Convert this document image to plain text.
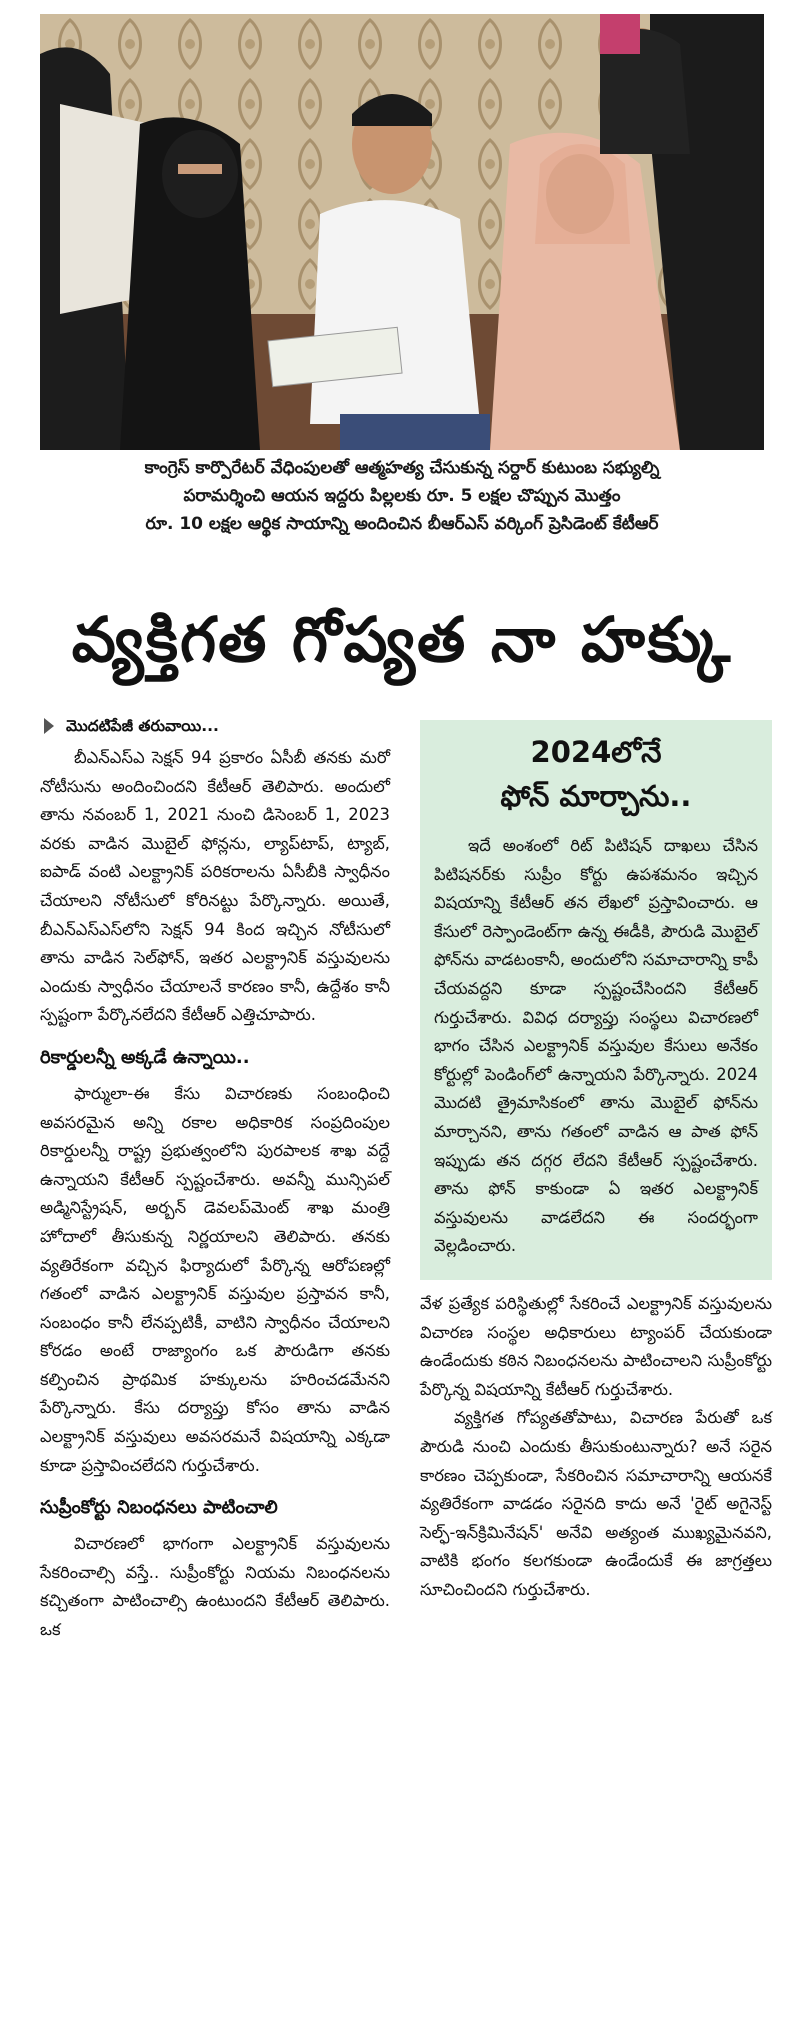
కాంగ్రెస్ కార్పొరేటర్ వేధింపులతో ఆత్మహత్య చేసుకున్న సర్దార్ కుటుంబ సభ్యుల్ని
పరామర్శించి ఆయన ఇద్దరు పిల్లలకు రూ. 5 లక్షల చొప్పున మొత్తం
రూ. 10 లక్షల ఆర్థిక సాయాన్ని అందించిన బీఆర్ఎస్ వర్కింగ్ ప్రెసిడెంట్ కేటీఆర్
వ్యక్తిగత గోప్యత నా హక్కు
మొదటిపేజీ తరువాయి...

బీఎన్ఎస్ఎ సెక్షన్ 94 ప్రకారం ఏసీబీ తనకు మరో నోటీసును అందించిందని కేటీఆర్ తెలిపారు. అందులో తాను నవంబర్ 1, 2021 నుంచి డిసెంబర్ 1, 2023 వరకు వాడిన మొబైల్ ఫోన్లను, ల్యాప్‌టాప్, ట్యాబ్, ఐపాడ్ వంటి ఎలక్ట్రానిక్ పరికరాలను ఏసీబీకి స్వాధీనం చేయాలని నోటీసులో కోరినట్టు పేర్కొన్నారు. అయితే, బీఎన్ఎస్ఎస్‌లోని సెక్షన్ 94 కింద ఇచ్చిన నోటీసులో తాను వాడిన సెల్‌ఫోన్, ఇతర ఎలక్ట్రానిక్ వస్తువులను ఎందుకు స్వాధీనం చేయాలనే కారణం కానీ, ఉద్దేశం కానీ స్పష్టంగా పేర్కొనలేదని కేటీఆర్ ఎత్తిచూపారు.

రికార్డులన్నీ అక్కడే ఉన్నాయి..

ఫార్ములా-ఈ కేసు విచారణకు సంబంధించి అవసరమైన అన్ని రకాల అధికారిక సంప్రదింపుల రికార్డులన్నీ రాష్ట్ర ప్రభుత్వంలోని పురపాలక శాఖ వద్దే ఉన్నాయని కేటీఆర్ స్పష్టంచేశారు. అవన్నీ మున్సిపల్ అడ్మినిస్ట్రేషన్, అర్బన్ డెవలప్‌మెంట్ శాఖ మంత్రి హోదాలో తీసుకున్న నిర్ణయాలని తెలిపారు. తనకు వ్యతిరేకంగా వచ్చిన ఫిర్యాదులో పేర్కొన్న ఆరోపణల్లో గతంలో వాడిన ఎలక్ట్రానిక్ వస్తువుల ప్రస్తావన కానీ, సంబంధం కానీ లేనప్పటికీ, వాటిని స్వాధీనం చేయాలని కోరడం అంటే రాజ్యాంగం ఒక పౌరుడిగా తనకు కల్పించిన ప్రాథమిక హక్కులను హరించడమేనని పేర్కొన్నారు. కేసు దర్యాప్తు కోసం తాను వాడిన ఎలక్ట్రానిక్ వస్తువులు అవసరమనే విషయాన్ని ఎక్కడా కూడా ప్రస్తావించలేదని గుర్తుచేశారు.

సుప్రీంకోర్టు నిబంధనలు పాటించాలి

విచారణలో భాగంగా ఎలక్ట్రానిక్ వస్తువులను సేకరించాల్సి వస్తే.. సుప్రీంకోర్టు నియమ నిబంధనలను కచ్చితంగా పాటించాల్సి ఉంటుందని కేటీఆర్ తెలిపారు. ఒక

2024లోనే
ఫోన్ మార్చాను..

ఇదే అంశంలో రిట్ పిటిషన్ దాఖలు చేసిన పిటిషనర్‌కు సుప్రీం కోర్టు ఉపశమనం ఇచ్చిన విషయాన్ని కేటీఆర్ తన లేఖలో ప్రస్తావించారు. ఆ కేసులో రెస్పాండెంట్‌గా ఉన్న ఈడీకి, పౌరుడి మొబైల్ ఫోన్‌ను వాడటంకానీ, అందులోని సమాచారాన్ని కాపీ చేయవద్దని కూడా స్పష్టంచేసిందని కేటీఆర్ గుర్తుచేశారు. వివిధ దర్యాప్తు సంస్థలు విచారణలో భాగం చేసిన ఎలక్ట్రానిక్ వస్తువుల కేసులు అనేకం కోర్టుల్లో పెండింగ్‌లో ఉన్నాయని పేర్కొన్నారు. 2024 మొదటి త్రైమాసికంలో తాను మొబైల్ ఫోన్‌ను మార్చానని, తాను గతంలో వాడిన ఆ పాత ఫోన్ ఇప్పుడు తన దగ్గర లేదని కేటీఆర్ స్పష్టంచేశారు. తాను ఫోన్ కాకుండా ఏ ఇతర ఎలక్ట్రానిక్ వస్తువులను వాడలేదని ఈ సందర్భంగా వెల్లడించారు.

వేళ ప్రత్యేక పరిస్థితుల్లో సేకరించే ఎలక్ట్రానిక్ వస్తువులను విచారణ సంస్థల అధికారులు ట్యాంపర్ చేయకుండా ఉండేందుకు కఠిన నిబంధనలను పాటించాలని సుప్రీంకోర్టు పేర్కొన్న విషయాన్ని కేటీఆర్ గుర్తుచేశారు.

వ్యక్తిగత గోప్యతతోపాటు, విచారణ పేరుతో ఒక పౌరుడి నుంచి ఎందుకు తీసుకుంటున్నారు? అనే సరైన కారణం చెప్పకుండా, సేకరించిన సమాచారాన్ని ఆయనకే వ్యతిరేకంగా వాడడం సరైనది కాదు అనే 'రైట్ అగైనెస్ట్ సెల్ఫ్-ఇన్‌క్రిమినేషన్' అనేవి అత్యంత ముఖ్యమైనవని, వాటికి భంగం కలగకుండా ఉండేందుకే ఈ జాగ్రత్తలు సూచించిందని గుర్తుచేశారు.
